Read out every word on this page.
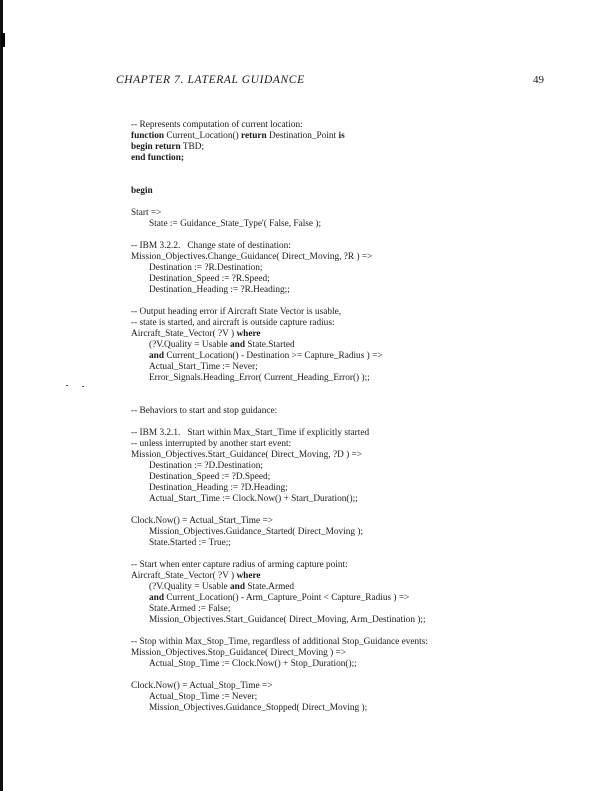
CHAPTER 7. LATERAL GUIDANCE	49
-- Represents computation of current location:
function Current_Location() return Destination_Point is
begin return TBD;
end function;
begin
Start =>
State := Guidance_State_Type'( False, False );
-- IBM 3.2.2. Change state of destination:
Mission_Objectives.Change_Guidance( Direct_Moving, ?R ) =>
Destination := ?R.Destination;
Destination_Speed := ?R.Speed;
Destination_Heading := ?R.Heading;;
-- Output heading error if Aircraft State Vector is usable,
-- state is started, and aircraft is outside capture radius:
Aircraft_State_Vector( ?V ) where
(?V.Quality = Usable and State.Started
and Current_Location() - Destination >= Capture_Radius ) =>
Actual_Start_Time := Never;
Error_Signals.Heading_Error( Current_Heading_Error() );;
-- Behaviors to start and stop guidance:
-- IBM 3.2.1. Start within Max_Start_Time if explicitly started
-- unless interrupted by another start event:
Mission_Objectives.Start_Guidance( Direct_Moving, ?D ) =>
Destination := ?D.Destination;
Destination_Speed := ?D.Speed;
Destination_Heading := ?D.Heading;
Actual_Start_Time := Clock.Now() + Start_Duration();;
Clock.Now() = Actual_Start_Time =>
Mission_Objectives.Guidance_Started( Direct_Moving );
State.Started := True;;
-- Start when enter capture radius of arming capture point:
Aircraft_State_Vector( ?V ) where
(?V.Quality = Usable and State.Armed
and Current_Location() - Arm_Capture_Point < Capture_Radius ) =>
State.Armed := False;
Mission_Objectives.Start_Guidance( Direct_Moving, Arm_Destination );;
-- Stop within Max_Stop_Time, regardless of additional Stop_Guidance events:
Mission_Objectives.Stop_Guidance( Direct_Moving ) =>
Actual_Stop_Time := Clock.Now() + Stop_Duration();;
Clock.Now() = Actual_Stop_Time =>
Actual_Stop_Time := Never;
Mission_Objectives.Guidance_Stopped( Direct_Moving );
